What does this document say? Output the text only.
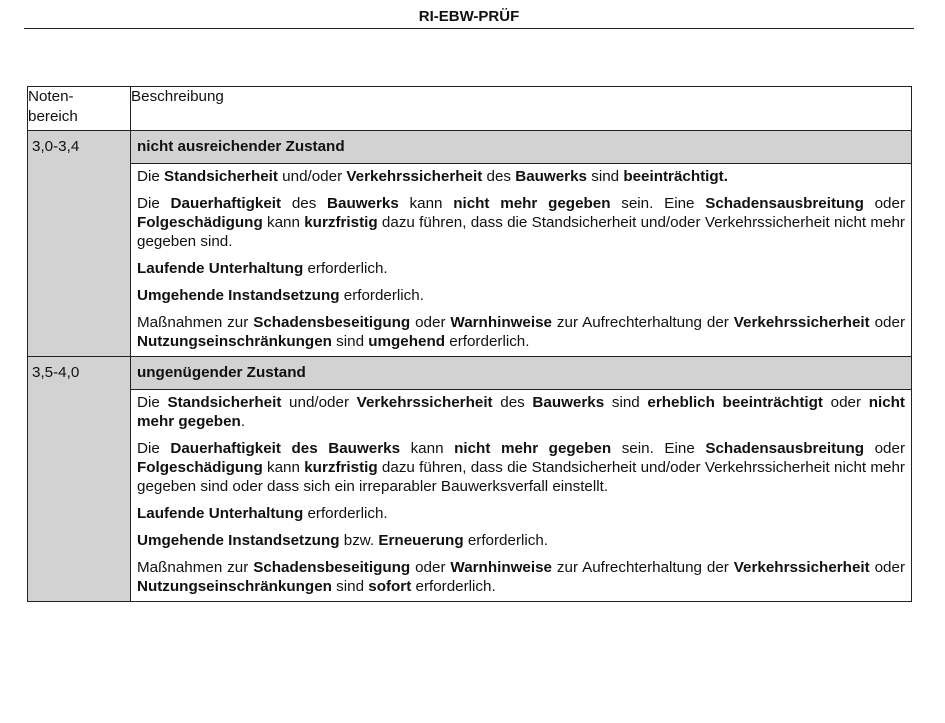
RI-EBW-PRÜF
Noten-
bereich	Beschreibung

3,0-3,4	nicht ausreichender Zustand

	Die Standsicherheit und/oder Verkehrssicherheit des Bauwerks sind beeinträchtigt.

Die Dauerhaftigkeit des Bauwerks kann nicht mehr gegeben sein. Eine Schadensausbreitung oder Folgeschädigung kann kurzfristig dazu führen, dass die Standsicherheit und/oder Verkehrssicherheit nicht mehr gegeben sind.

Laufende Unterhaltung erforderlich.

Umgehende Instandsetzung erforderlich.

Maßnahmen zur Schadensbeseitigung oder Warnhinweise zur Aufrechterhaltung der Verkehrssicherheit oder Nutzungseinschränkungen sind umgehend erforderlich.

3,5-4,0	ungenügender Zustand

	Die Standsicherheit und/oder Verkehrssicherheit des Bauwerks sind erheblich beeinträchtigt oder nicht mehr gegeben.

Die Dauerhaftigkeit des Bauwerks kann nicht mehr gegeben sein. Eine Schadensausbreitung oder Folgeschädigung kann kurzfristig dazu führen, dass die Standsicherheit und/oder Verkehrssicherheit nicht mehr gegeben sind oder dass sich ein irreparabler Bauwerksverfall einstellt.

Laufende Unterhaltung erforderlich.

Umgehende Instandsetzung bzw. Erneuerung erforderlich.

Maßnahmen zur Schadensbeseitigung oder Warnhinweise zur Aufrechterhaltung der Verkehrssicherheit oder Nutzungseinschränkungen sind sofort erforderlich.
